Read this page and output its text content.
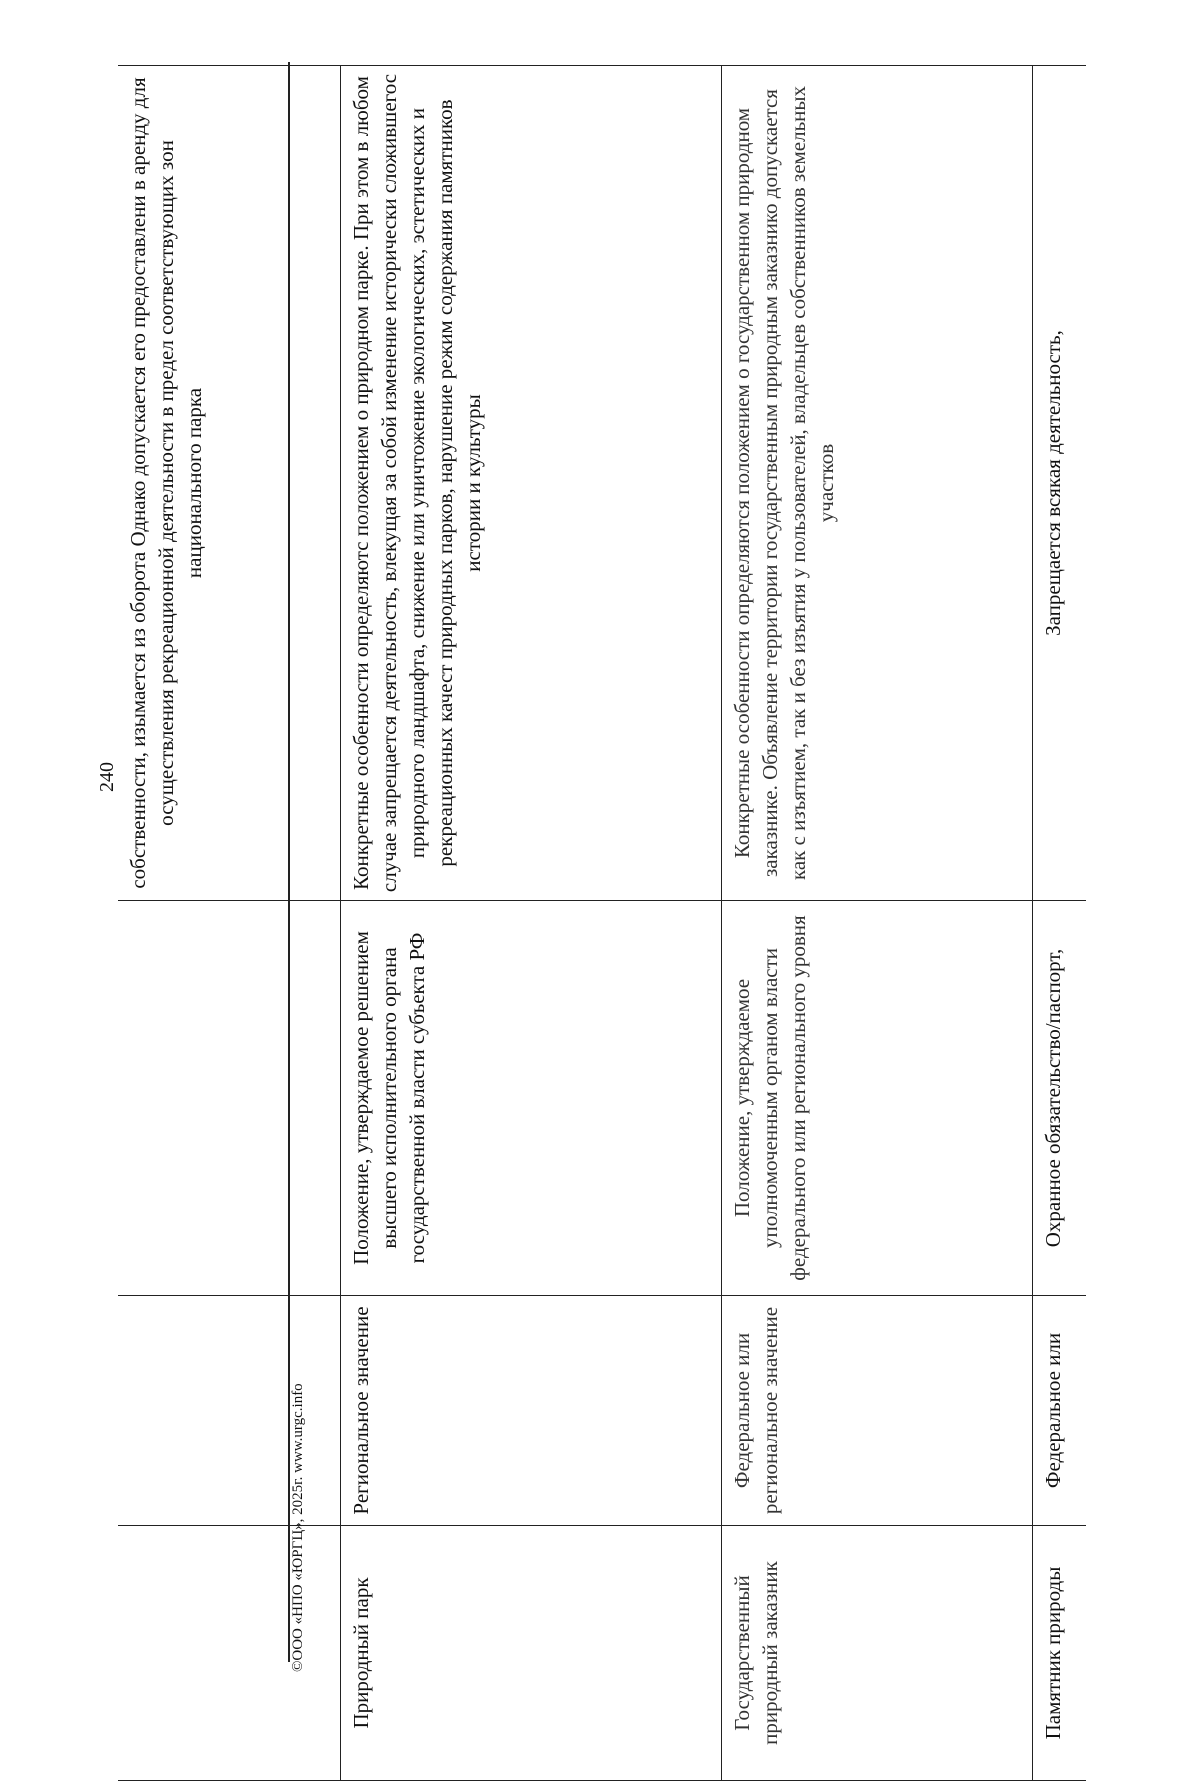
240
			собственности, изымается из оборота Однако допускается его предоставлени в аренду для осуществления рекреационной деятельности в предел соответствующих зон национального парка
Природный парк	Региональное значение	Положение, утверждаемое решением высшего исполнительного органа государственной власти субъекта РФ	Конкретные особенности определяютс положением о природном парке. При этом в любом случае запрещается деятельность, влекущая за собой изменение исторически сложившегос природного ландшафта, снижение или уничтожение экологических, эстетических и рекреационных качест природных парков, нарушение режим содержания памятников истории и культуры
Государственный природный заказник	Федеральное или региональное значение	Положение, утверждаемое уполномоченным органом власти федерального или регионального уровня	Конкретные особенности определяются положением о государственном природном заказнике. Объявление территории государственным природным заказнико допускается как с изъятием, так и без изъятия у пользователей, владельцев собственников земельных участков
Памятник природы	Федеральное или	Охранное обязательство/паспорт,	Запрещается всякая деятельность,
©ООО «НПО «ЮРГЦ», 2025г. www.urgc.info
